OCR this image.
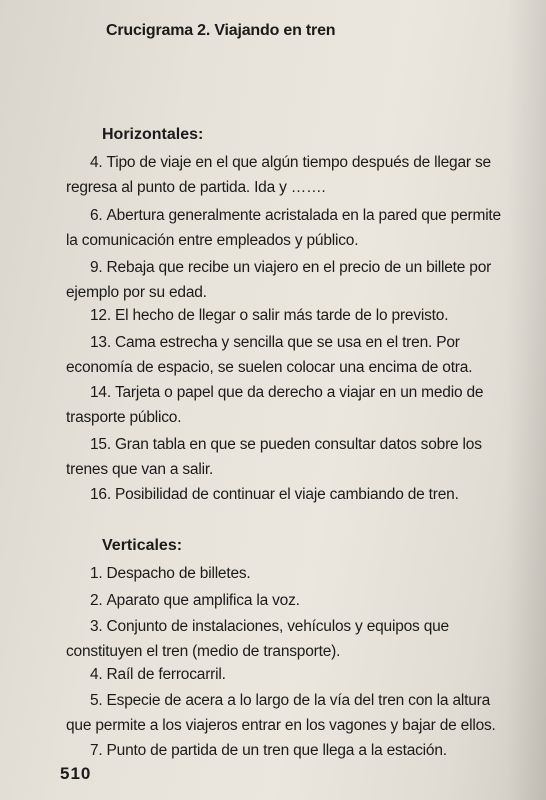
Crucigrama 2. Viajando en tren
Horizontales:
4. Tipo de viaje en el que algún tiempo después de llegar se regresa al punto de partida. Ida y …….
6. Abertura generalmente acristalada en la pared que permite la comunicación entre empleados y público.
9. Rebaja que recibe un viajero en el precio de un billete por ejemplo por su edad.
12. El hecho de llegar o salir más tarde de lo previsto.
13. Cama estrecha y sencilla que se usa en el tren. Por economía de espacio, se suelen colocar una encima de otra.
14. Tarjeta o papel que da derecho a viajar en un medio de trasporte público.
15. Gran tabla en que se pueden consultar datos sobre los trenes que van a salir.
16. Posibilidad de continuar el viaje cambiando de tren.
Verticales:
1. Despacho de billetes.
2. Aparato que amplifica la voz.
3. Conjunto de instalaciones, vehículos y equipos que constituyen el tren (medio de transporte).
4. Raíl de ferrocarril.
5. Especie de acera a lo largo de la vía del tren con la altura que permite a los viajeros entrar en los vagones y bajar de ellos.
7. Punto de partida de un tren que llega a la estación.
510
